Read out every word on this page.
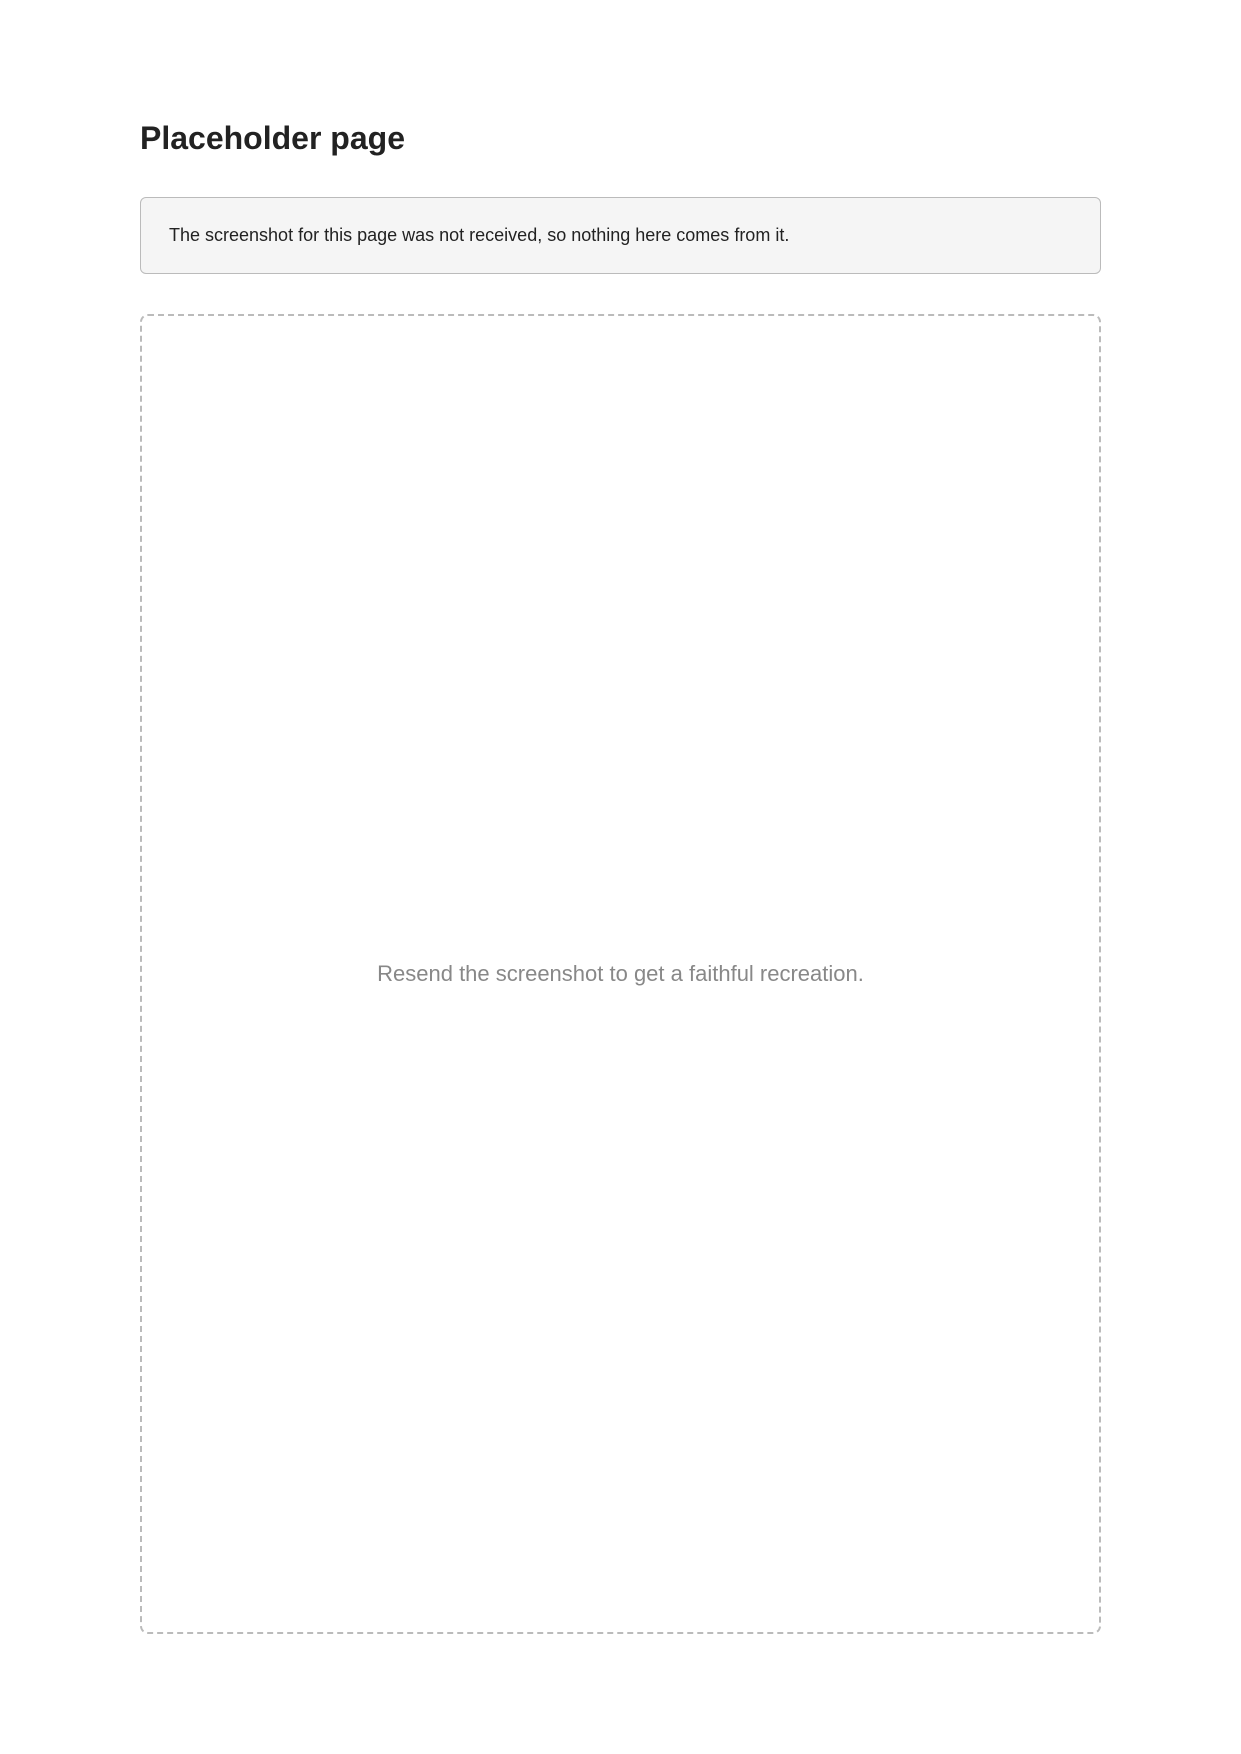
Placeholder page
The screenshot for this page was not received, so nothing here comes from it.
Resend the screenshot to get a faithful recreation.
